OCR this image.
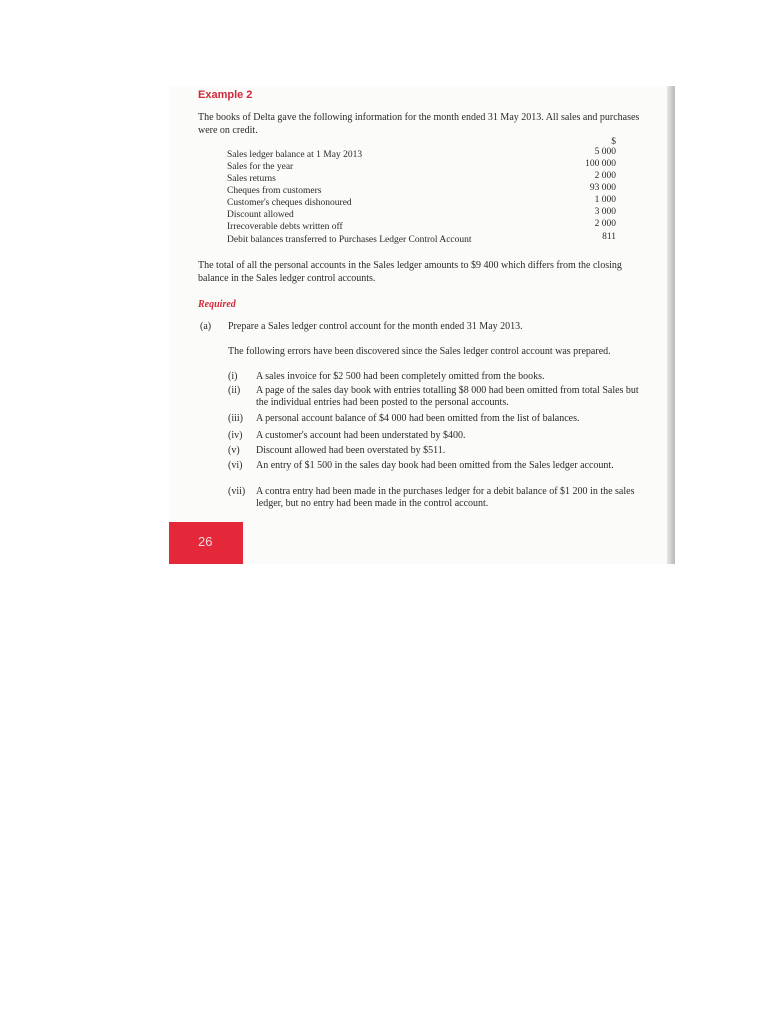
Example 2

The books of Delta gave the following information for the month ended 31 May 2013. All sales and purchases were on credit.

$
Sales ledger balance at 1 May 2013	5 000
Sales for the year	100 000
Sales returns	2 000
Cheques from customers	93 000
Customer's cheques dishonoured	1 000
Discount allowed	3 000
Irrecoverable debts written off	2 000
Debit balances transferred to Purchases Ledger Control Account	811

The total of all the personal accounts in the Sales ledger amounts to $9 400 which differs from the closing balance in the Sales ledger control accounts.

Required
(a) Prepare a Sales ledger control account for the month ended 31 May 2013.

The following errors have been discovered since the Sales ledger control account was prepared.

(i) A sales invoice for $2 500 had been completely omitted from the books.
(ii) A page of the sales day book with entries totalling $8 000 had been omitted from total Sales but the individual entries had been posted to the personal accounts.
(iii) A personal account balance of $4 000 had been omitted from the list of balances.
(iv) A customer's account had been understated by $400.
(v) Discount allowed had been overstated by $511.
(vi) An entry of $1 500 in the sales day book had been omitted from the Sales ledger account.
(vii) A contra entry had been made in the purchases ledger for a debit balance of $1 200 in the sales ledger, but no entry had been made in the control account.
26
